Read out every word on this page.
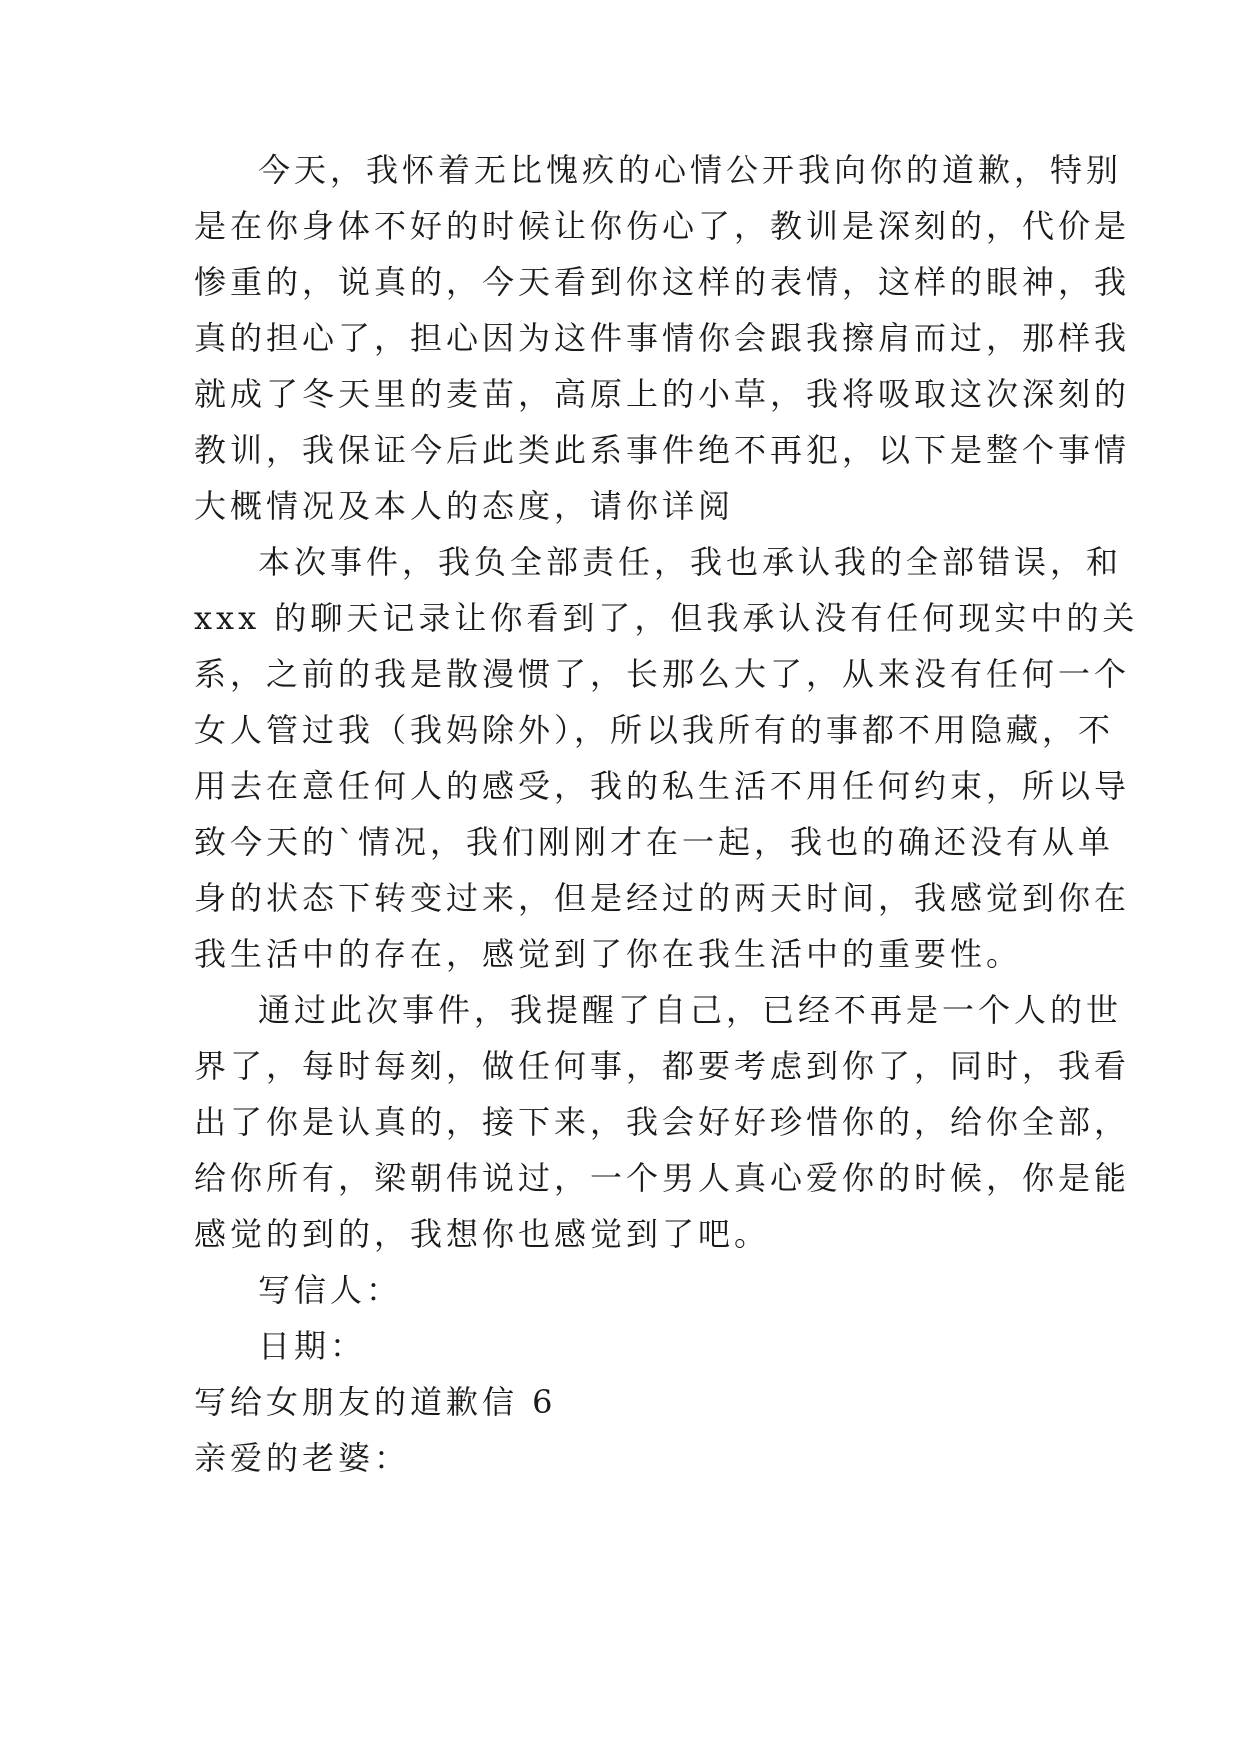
今天，我怀着无比愧疚的心情公开我向你的道歉，特别
是在你身体不好的时候让你伤心了，教训是深刻的，代价是
惨重的，说真的，今天看到你这样的表情，这样的眼神，我
真的担心了，担心因为这件事情你会跟我擦肩而过，那样我
就成了冬天里的麦苗，高原上的小草，我将吸取这次深刻的
教训，我保证今后此类此系事件绝不再犯，以下是整个事情
大概情况及本人的态度，请你详阅
本次事件，我负全部责任，我也承认我的全部错误，和
xxx 的聊天记录让你看到了，但我承认没有任何现实中的关
系，之前的我是散漫惯了，长那么大了，从来没有任何一个
女人管过我（我妈除外），所以我所有的事都不用隐藏，不
用去在意任何人的感受，我的私生活不用任何约束，所以导
致今天的`情况，我们刚刚才在一起，我也的确还没有从单
身的状态下转变过来，但是经过的两天时间，我感觉到你在
我生活中的存在，感觉到了你在我生活中的重要性。
通过此次事件，我提醒了自己，已经不再是一个人的世
界了，每时每刻，做任何事，都要考虑到你了，同时，我看
出了你是认真的，接下来，我会好好珍惜你的，给你全部，
给你所有，梁朝伟说过，一个男人真心爱你的时候，你是能
感觉的到的，我想你也感觉到了吧。
写信人：
日期：
写给女朋友的道歉信 6
亲爱的老婆：
